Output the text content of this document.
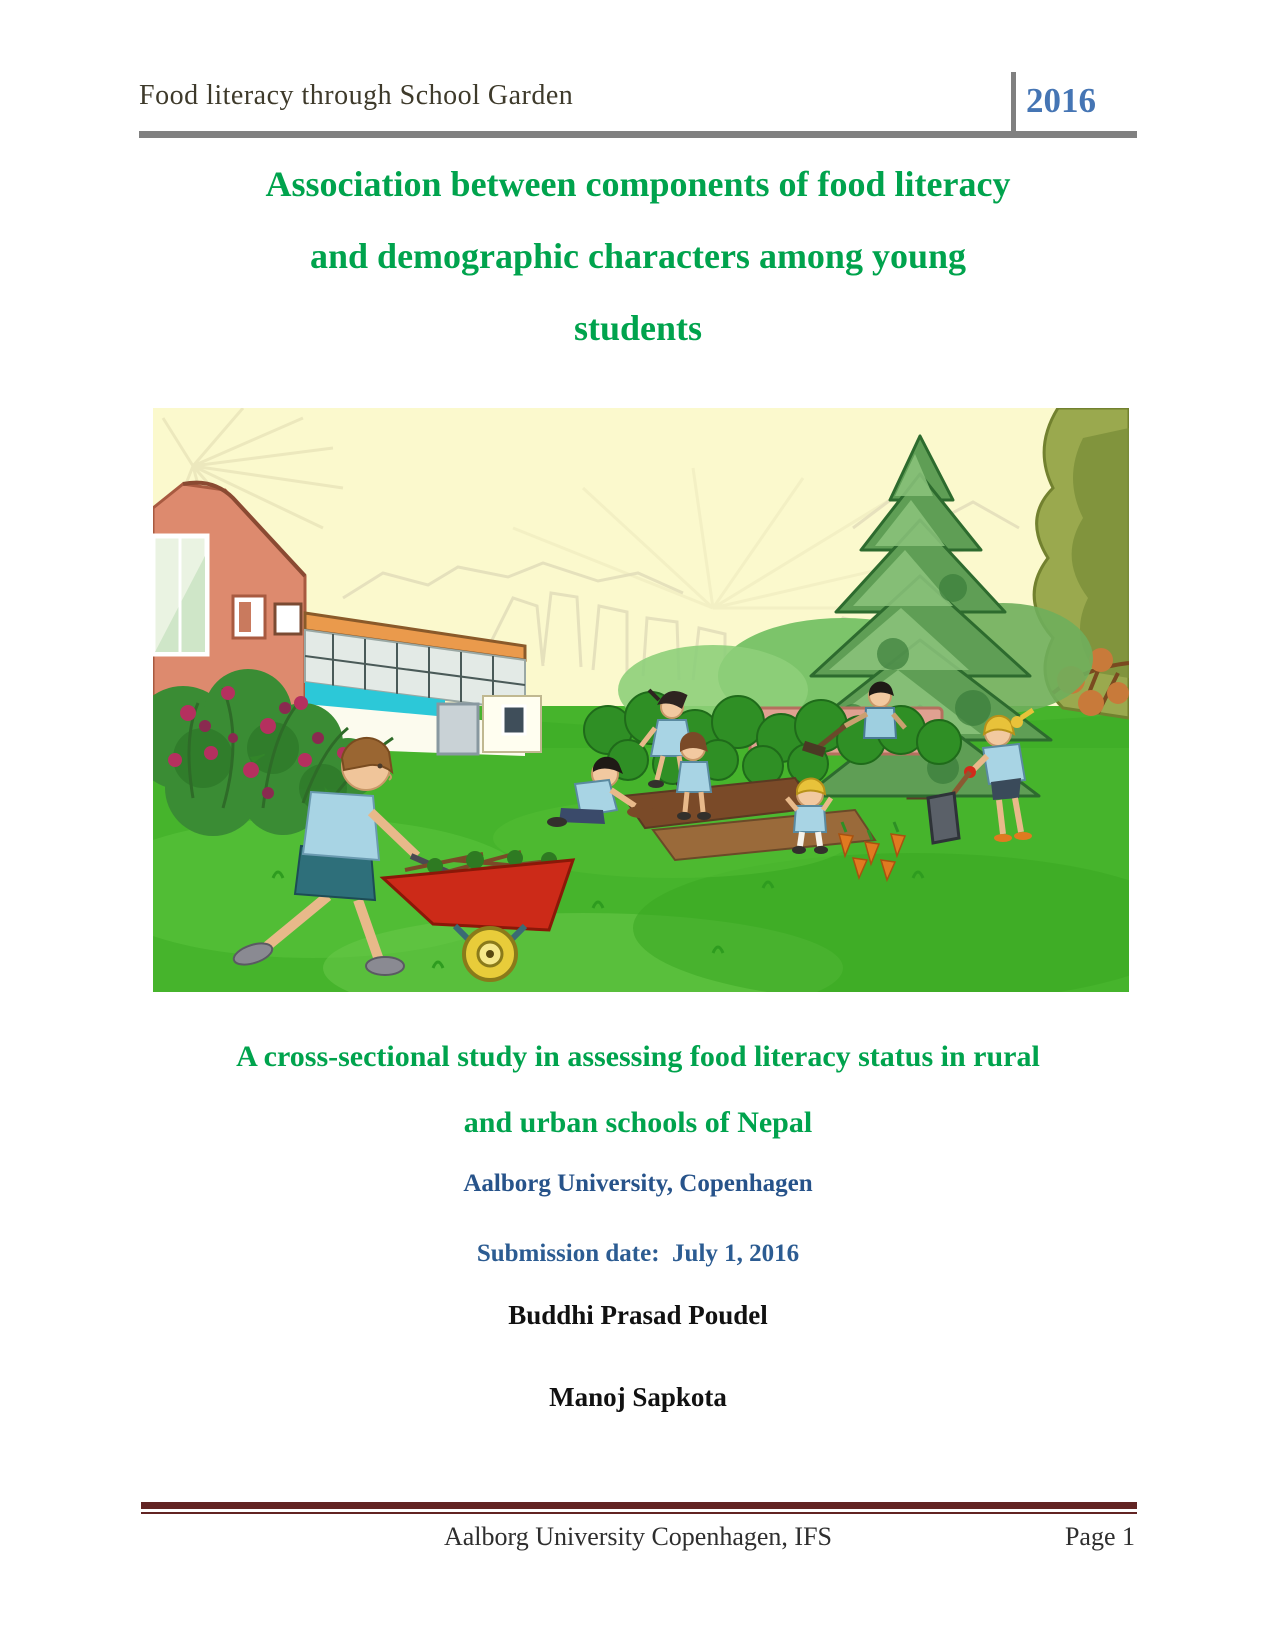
Food literacy through School Garden	2016
Association between components of food literacy
and demographic characters among young
students
A cross-sectional study in assessing food literacy status in rural
and urban schools of Nepal
Aalborg University, Copenhagen
Submission date:  July 1, 2016
Buddhi Prasad Poudel
Manoj Sapkota
Aalborg University Copenhagen, IFS	Page 1
